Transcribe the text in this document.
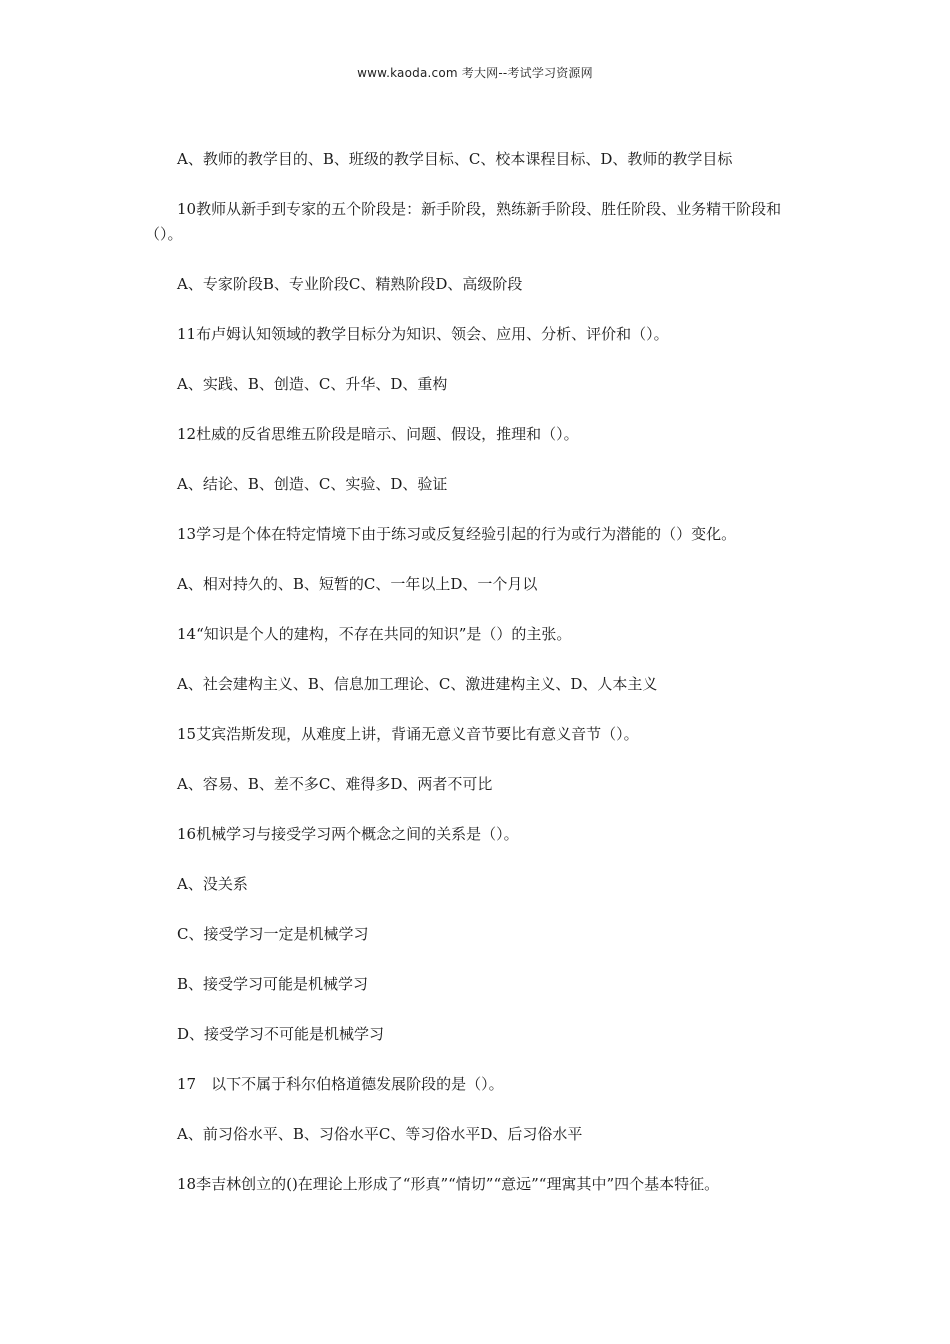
www.kaoda.com 考大网--考试学习资源网

A、教师的教学目的、B、班级的教学目标、C、校本课程目标、D、教师的教学目标

10教师从新手到专家的五个阶段是：新手阶段，熟练新手阶段、胜任阶段、业务精干阶段和（）。

A、专家阶段B、专业阶段C、精熟阶段D、高级阶段

11布卢姆认知领域的教学目标分为知识、领会、应用、分析、评价和（）。

A、实践、B、创造、C、升华、D、重构

12杜威的反省思维五阶段是暗示、问题、假设，推理和（）。

A、结论、B、创造、C、实验、D、验证

13学习是个体在特定情境下由于练习或反复经验引起的行为或行为潜能的（）变化。

A、相对持久的、B、短暂的C、一年以上D、一个月以

14“知识是个人的建构，不存在共同的知识”是（）的主张。

A、社会建构主义、B、信息加工理论、C、激进建构主义、D、人本主义

15艾宾浩斯发现，从难度上讲，背诵无意义音节要比有意义音节（）。

A、容易、B、差不多C、难得多D、两者不可比

16机械学习与接受学习两个概念之间的关系是（）。

A、没关系

C、接受学习一定是机械学习

B、接受学习可能是机械学习

D、接受学习不可能是机械学习

17　以下不属于科尔伯格道德发展阶段的是（）。

A、前习俗水平、B、习俗水平C、等习俗水平D、后习俗水平

18李吉林创立的()在理论上形成了“形真”“情切”“意远”“理寓其中”四个基本特征。
